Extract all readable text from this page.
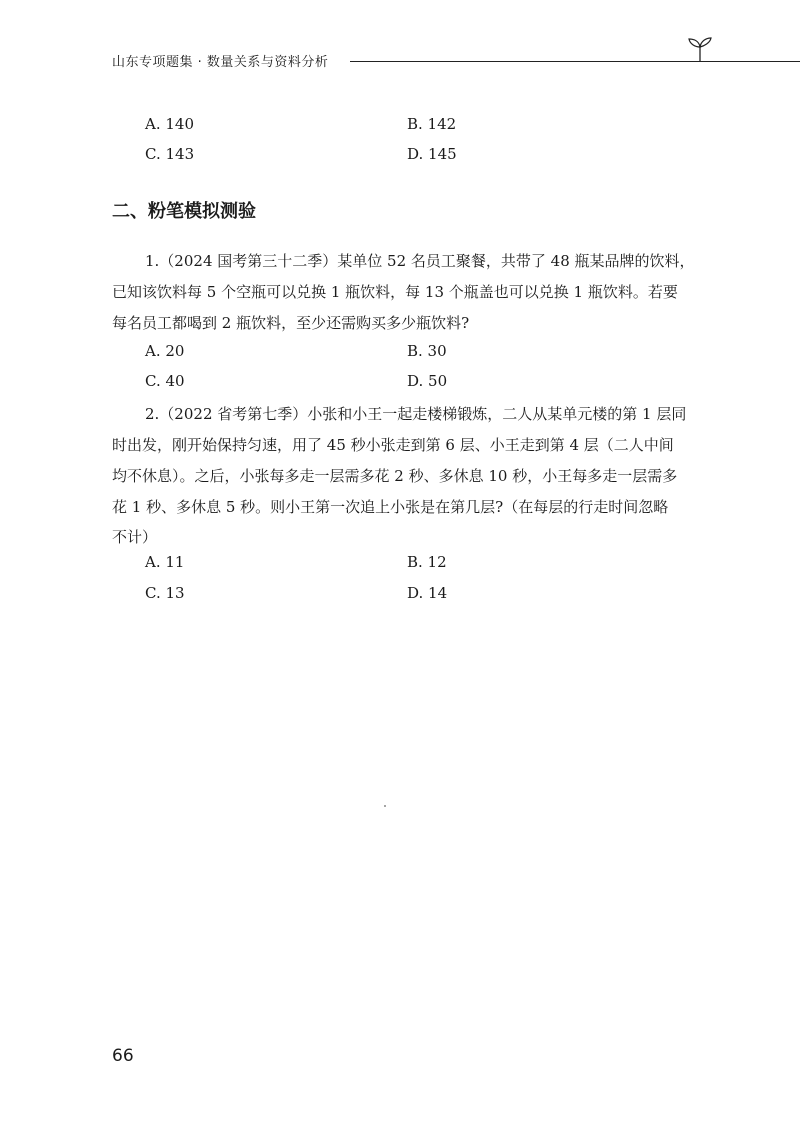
山东专项题集 · 数量关系与资料分析
A. 140	B. 142
C. 143	D. 145
二、粉笔模拟测验
1.（2024 国考第三十二季）某单位 52 名员工聚餐，共带了 48 瓶某品牌的饮料，
已知该饮料每 5 个空瓶可以兑换 1 瓶饮料，每 13 个瓶盖也可以兑换 1 瓶饮料。若要
每名员工都喝到 2 瓶饮料，至少还需购买多少瓶饮料?
A. 20	B. 30
C. 40	D. 50
2.（2022 省考第七季）小张和小王一起走楼梯锻炼，二人从某单元楼的第 1 层同
时出发，刚开始保持匀速，用了 45 秒小张走到第 6 层、小王走到第 4 层（二人中间
均不休息）。之后，小张每多走一层需多花 2 秒、多休息 10 秒，小王每多走一层需多
花 1 秒、多休息 5 秒。则小王第一次追上小张是在第几层?（在每层的行走时间忽略
不计）
A. 11	B. 12
C. 13	D. 14
66
